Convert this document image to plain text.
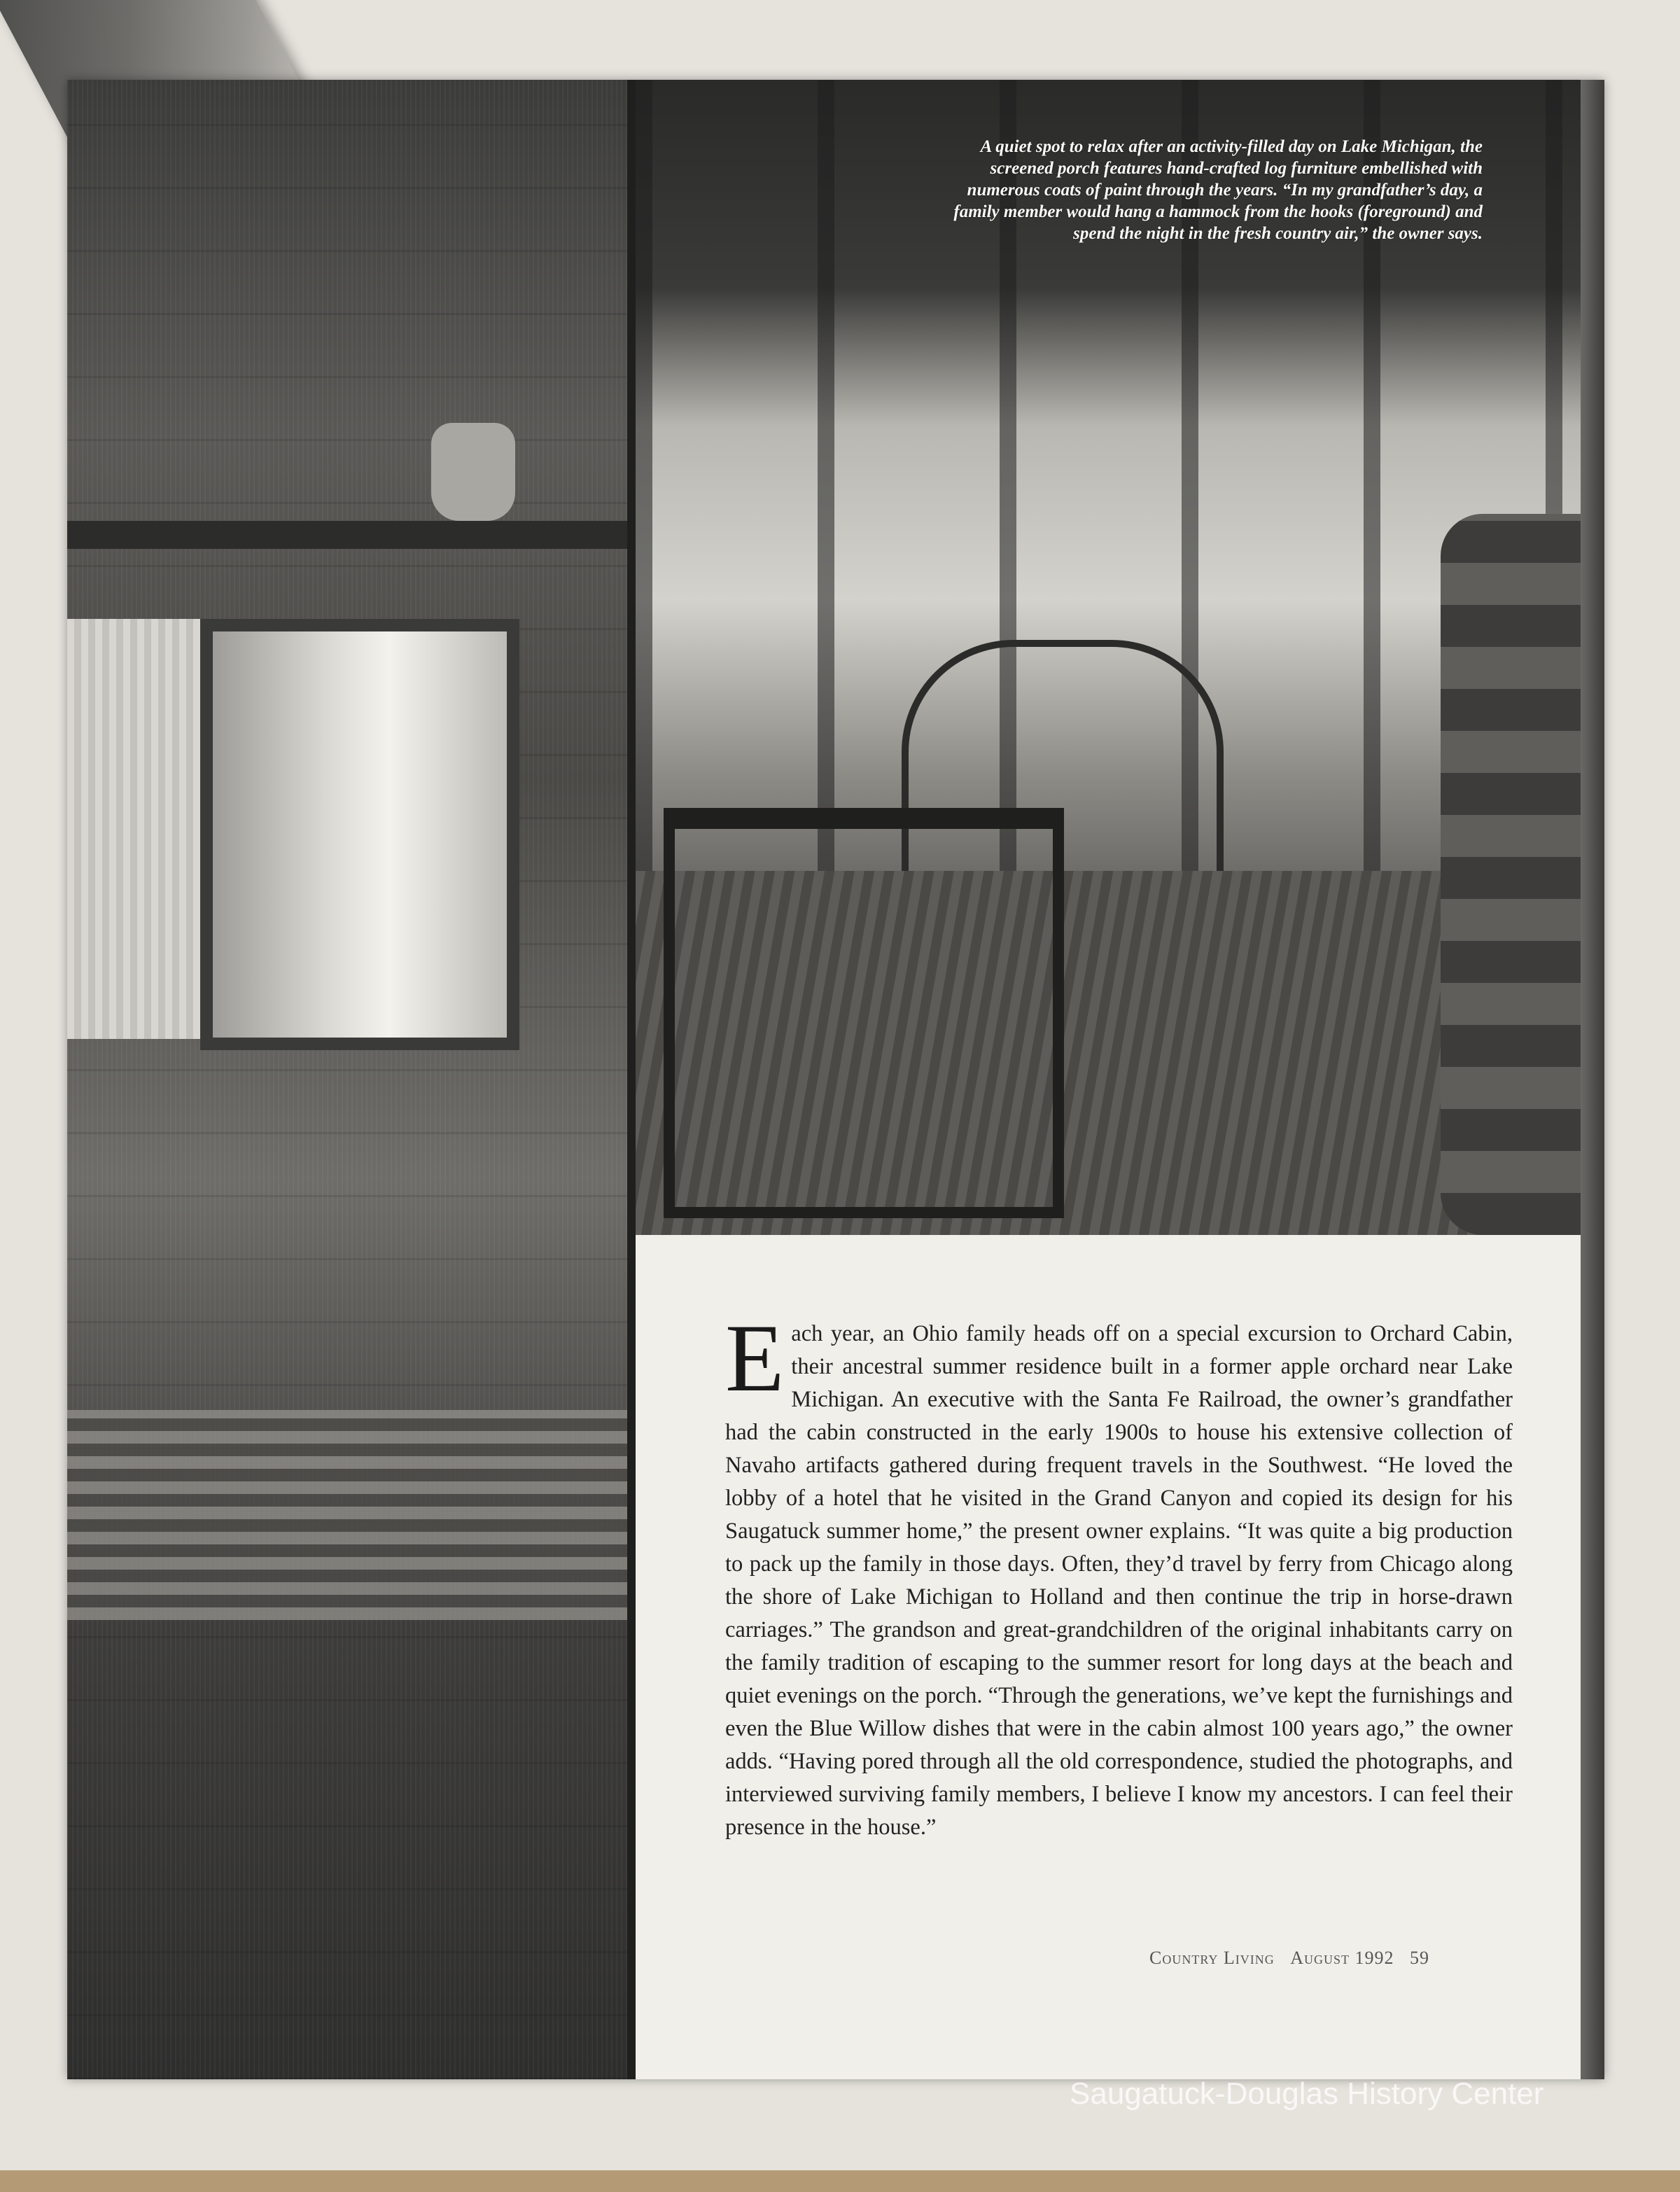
A quiet spot to relax after an activity-filled day on Lake Michigan, the screened porch features hand-crafted log furniture embellished with numerous coats of paint through the years. “In my grandfather’s day, a family member would hang a hammock from the hooks (foreground) and spend the night in the fresh country air,” the owner says.
Each year, an Ohio family heads off on a special excursion to Orchard Cabin, their ancestral summer residence built in a former apple orchard near Lake Michigan. An executive with the Santa Fe Railroad, the owner’s grandfather had the cabin constructed in the early 1900s to house his extensive collection of Navaho artifacts gathered during frequent travels in the Southwest. “He loved the lobby of a hotel that he visited in the Grand Canyon and copied its design for his Saugatuck summer home,” the present owner explains. “It was quite a big production to pack up the family in those days. Often, they’d travel by ferry from Chicago along the shore of Lake Michigan to Holland and then continue the trip in horse-drawn carriages.” The grandson and great-grandchildren of the original inhabitants carry on the family tradition of escaping to the summer resort for long days at the beach and quiet evenings on the porch. “Through the generations, we’ve kept the furnishings and even the Blue Willow dishes that were in the cabin almost 100 years ago,” the owner adds. “Having pored through all the old correspondence, studied the photographs, and interviewed surviving family members, I believe I know my ancestors. I can feel their presence in the house.”
Country Living August 1992 59
Saugatuck-Douglas History Center
